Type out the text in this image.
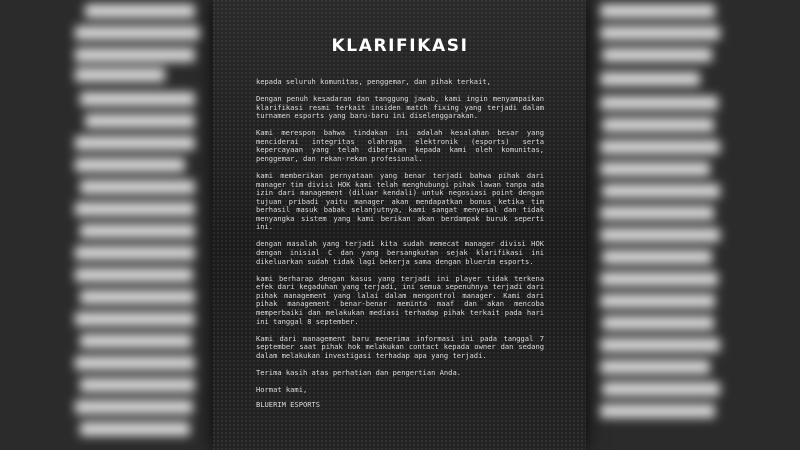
KLARIFIKASI

kepada seluruh komunitas, penggemar, dan pihak terkait,

Dengan penuh kesadaran dan tanggung jawab, kami ingin menyampaikan klarifikasi resmi terkait insiden match fixing yang terjadi dalam turnamen esports yang baru-baru ini diselenggarakan.

Kami merespon bahwa tindakan ini adalah kesalahan besar yang menciderai integritas olahraga elektronik (esports) serta kepercayaan yang telah diberikan kepada kami oleh komunitas, penggemar, dan rekan-rekan profesional.

kami memberikan pernyataan yang benar terjadi bahwa pihak dari manager tim divisi HOK kami telah menghubungi pihak lawan tanpa ada izin dari management (diluar kendali) untuk negosiasi point dengan tujuan pribadi yaitu manager akan mendapatkan bonus ketika tim berhasil masuk babak selanjutnya, kami sangat menyesal dan tidak menyangka sistem yang kami berikan akan berdampak buruk seperti ini.

dengan masalah yang terjadi kita sudah memecat manager divisi HOK dengan inisial C dan yang bersangkutan sejak klarifikasi ini dikeluarkan sudah tidak lagi bekerja sama dengan bluerim esports.

kami berharap dengan kasus yang terjadi ini player tidak terkena efek dari kegaduhan yang terjadi, ini semua sepenuhnya terjadi dari pihak management yang lalai dalam mengontrol manager. Kami dari pihak management benar-benar meminta maaf dan akan mencoba memperbaiki dan melakukan mediasi terhadap pihak terkait pada hari ini tanggal 8 september.

Kami dari management baru menerima informasi ini pada tanggal 7 september saat pihak hok melakukan contact kepada owner dan sedang dalam melakukan investigasi terhadap apa yang terjadi.

Terima kasih atas perhatian dan pengertian Anda.

Hormat kami,

BLUERIM ESPORTS
